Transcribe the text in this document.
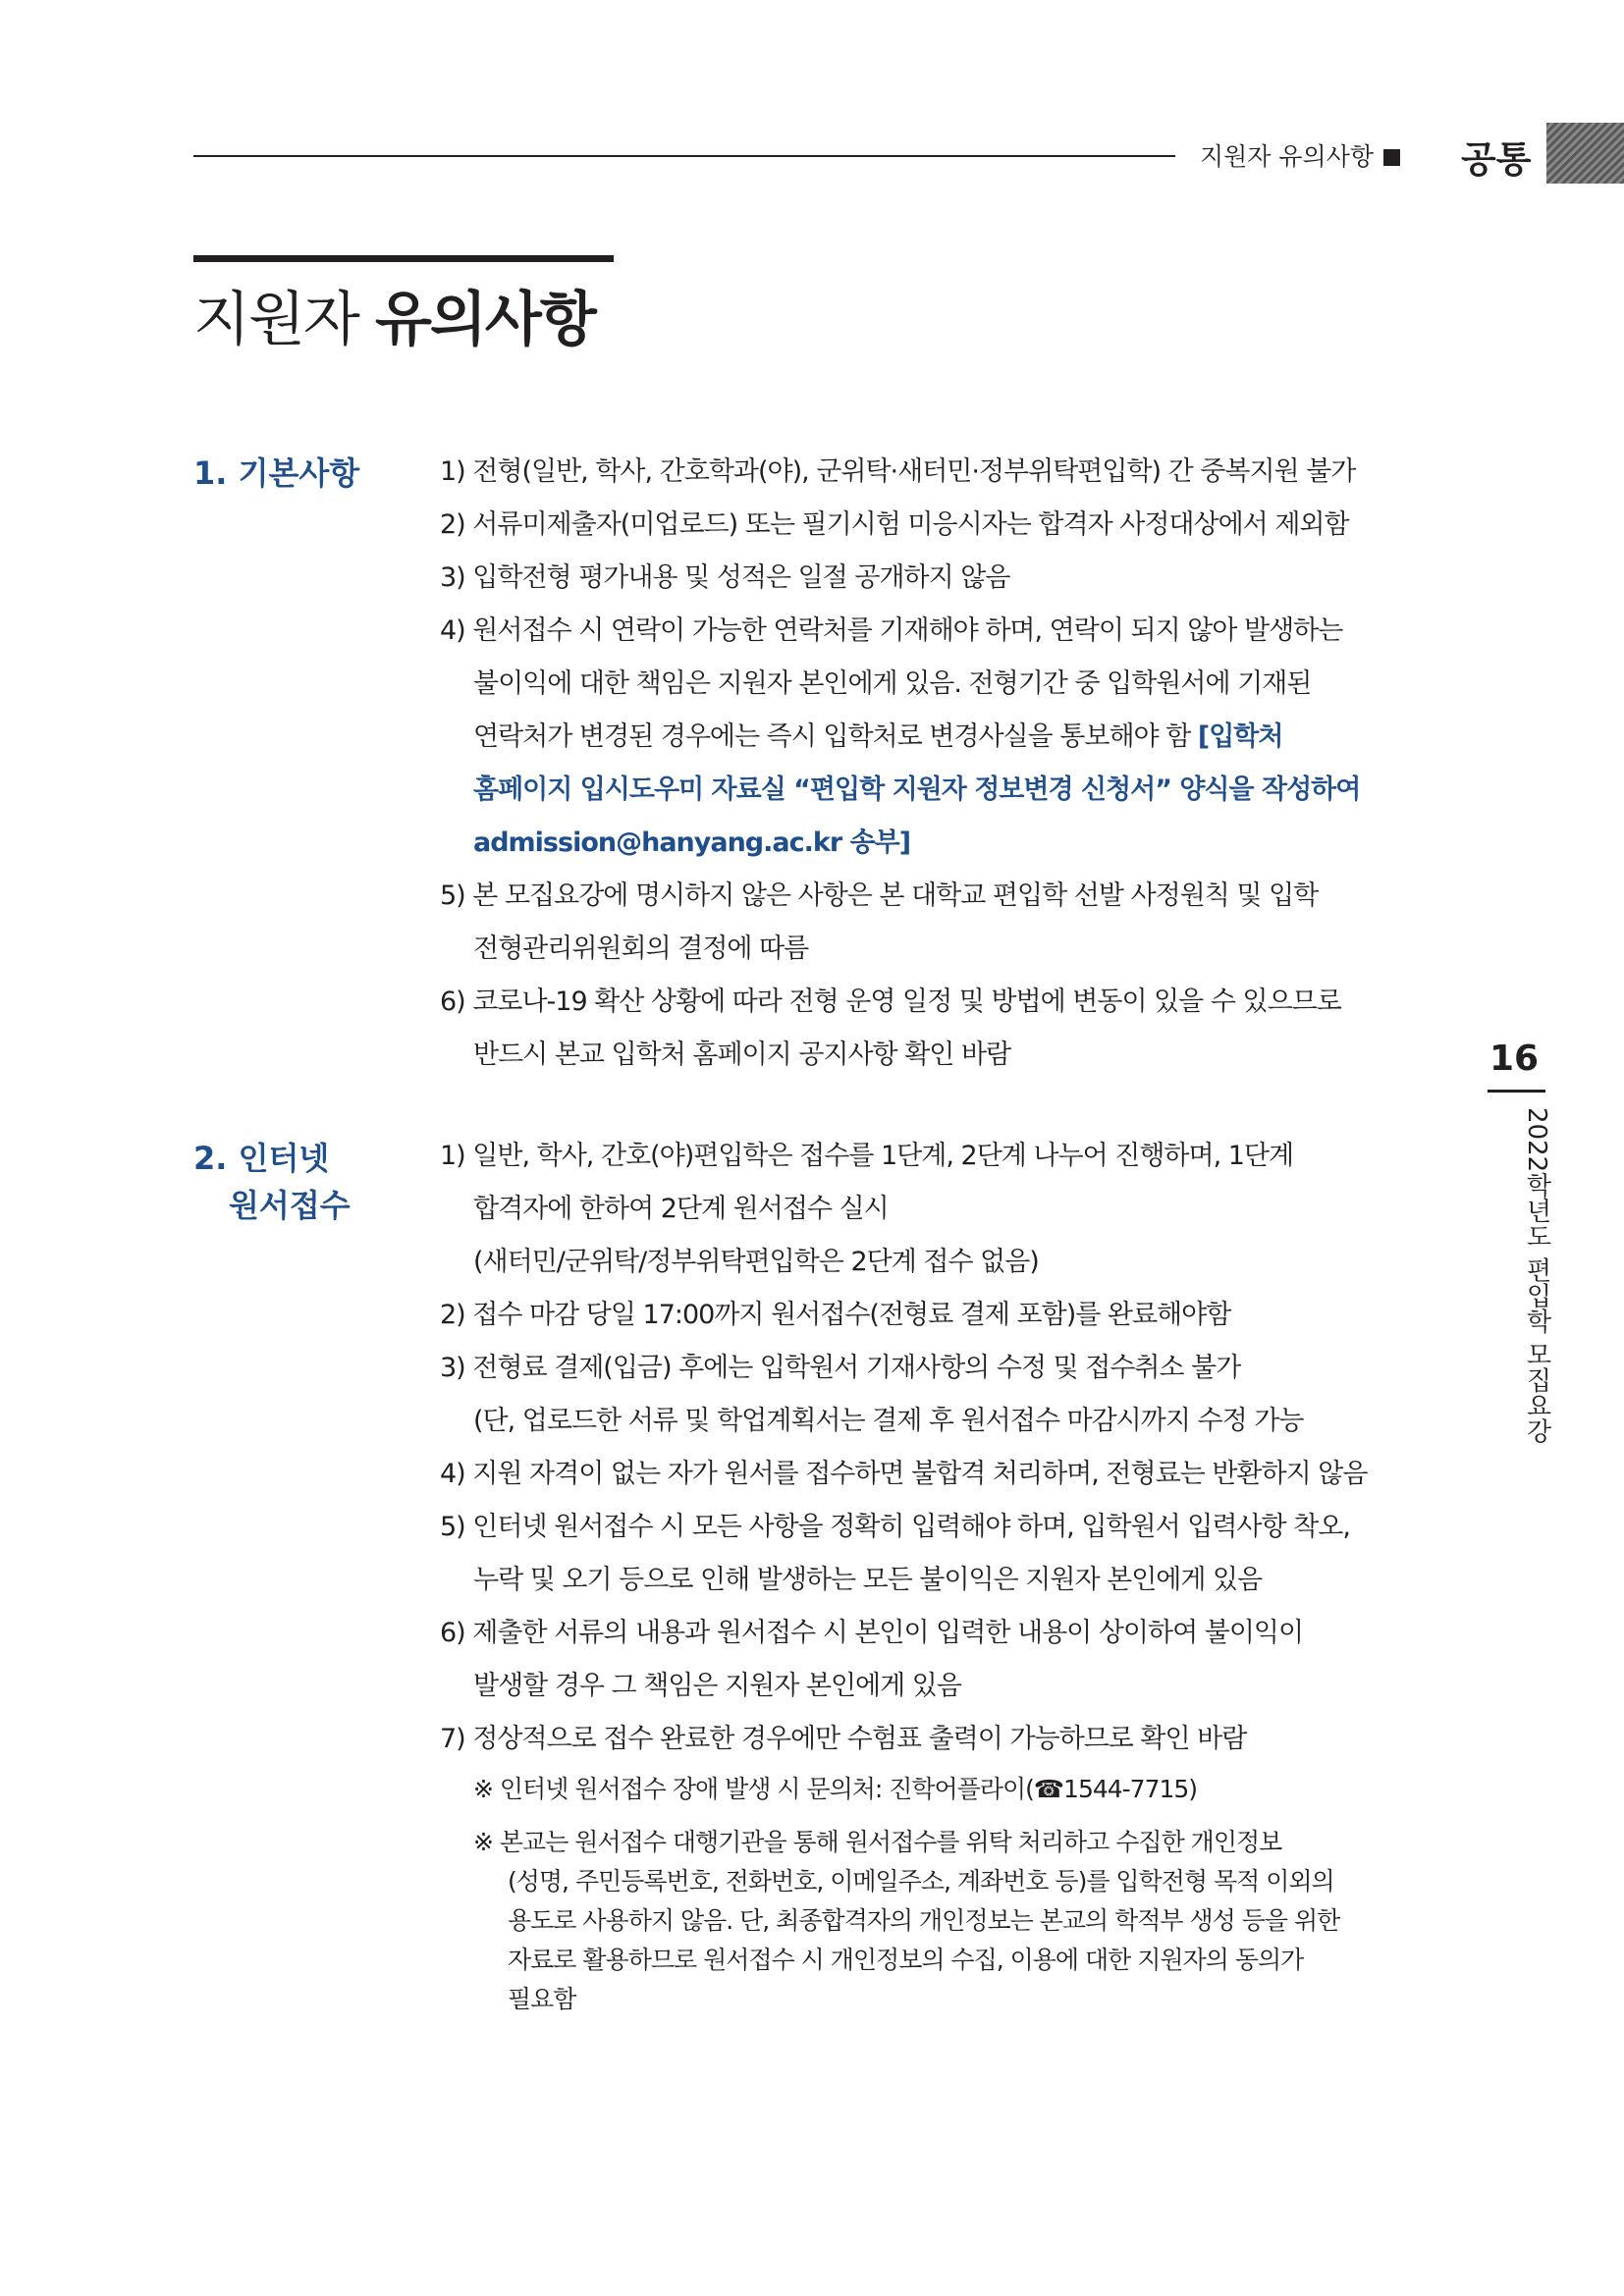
지원자 유의사항	공통
지원자 유의사항
1. 기본사항	1) 전형(일반, 학사, 간호학과(야), 군위탁·새터민·정부위탁편입학) 간 중복지원 불가
2) 서류미제출자(미업로드) 또는 필기시험 미응시자는 합격자 사정대상에서 제외함
3) 입학전형 평가내용 및 성적은 일절 공개하지 않음
4) 원서접수 시 연락이 가능한 연락처를 기재해야 하며, 연락이 되지 않아 발생하는
불이익에 대한 책임은 지원자 본인에게 있음. 전형기간 중 입학원서에 기재된
연락처가 변경된 경우에는 즉시 입학처로 변경사실을 통보해야 함 [입학처
홈페이지 입시도우미 자료실 “편입학 지원자 정보변경 신청서” 양식을 작성하여
admission@hanyang.ac.kr 송부]
5) 본 모집요강에 명시하지 않은 사항은 본 대학교 편입학 선발 사정원칙 및 입학
전형관리위원회의 결정에 따름
6) 코로나-19 확산 상황에 따라 전형 운영 일정 및 방법에 변동이 있을 수 있으므로
반드시 본교 입학처 홈페이지 공지사항 확인 바람
2. 인터넷
원서접수
1) 일반, 학사, 간호(야)편입학은 접수를 1단계, 2단계 나누어 진행하며, 1단계
합격자에 한하여 2단계 원서접수 실시
(새터민/군위탁/정부위탁편입학은 2단계 접수 없음)
2) 접수 마감 당일 17:00까지 원서접수(전형료 결제 포함)를 완료해야함
3) 전형료 결제(입금) 후에는 입학원서 기재사항의 수정 및 접수취소 불가
(단, 업로드한 서류 및 학업계획서는 결제 후 원서접수 마감시까지 수정 가능
4) 지원 자격이 없는 자가 원서를 접수하면 불합격 처리하며, 전형료는 반환하지 않음
5) 인터넷 원서접수 시 모든 사항을 정확히 입력해야 하며, 입학원서 입력사항 착오,
누락 및 오기 등으로 인해 발생하는 모든 불이익은 지원자 본인에게 있음
6) 제출한 서류의 내용과 원서접수 시 본인이 입력한 내용이 상이하여 불이익이
발생할 경우 그 책임은 지원자 본인에게 있음
7) 정상적으로 접수 완료한 경우에만 수험표 출력이 가능하므로 확인 바람
※ 인터넷 원서접수 장애 발생 시 문의처: 진학어플라이(☎1544-7715)
※ 본교는 원서접수 대행기관을 통해 원서접수를 위탁 처리하고 수집한 개인정보
(성명, 주민등록번호, 전화번호, 이메일주소, 계좌번호 등)를 입학전형 목적 이외의
용도로 사용하지 않음. 단, 최종합격자의 개인정보는 본교의 학적부 생성 등을 위한
자료로 활용하므로 원서접수 시 개인정보의 수집, 이용에 대한 지원자의 동의가
필요함
16
2022학년도 편입학 모집요강
